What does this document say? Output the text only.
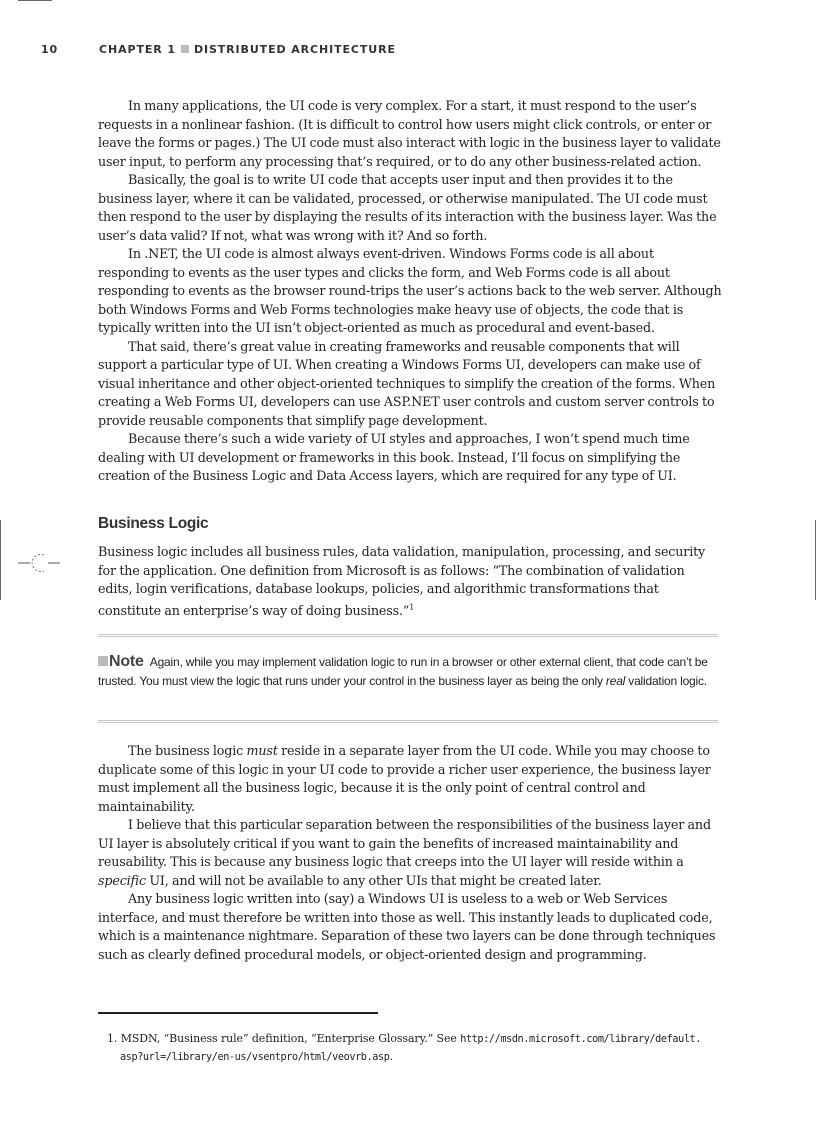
10	CHAPTER 1 DISTRIBUTED ARCHITECTURE

In many applications, the UI code is very complex. For a start, it must respond to the user’s requests in a nonlinear fashion. (It is difficult to control how users might click controls, or enter or leave the forms or pages.) The UI code must also interact with logic in the business layer to validate user input, to perform any processing that’s required, or to do any other business-related action.

Basically, the goal is to write UI code that accepts user input and then provides it to the business layer, where it can be validated, processed, or otherwise manipulated. The UI code must then respond to the user by displaying the results of its interaction with the business layer. Was the user’s data valid? If not, what was wrong with it? And so forth.

In .NET, the UI code is almost always event-driven. Windows Forms code is all about responding to events as the user types and clicks the form, and Web Forms code is all about responding to events as the browser round-trips the user’s actions back to the web server. Although both Windows Forms and Web Forms technologies make heavy use of objects, the code that is typically written into the UI isn’t object-oriented as much as procedural and event-based.

That said, there’s great value in creating frameworks and reusable components that will support a particular type of UI. When creating a Windows Forms UI, developers can make use of visual inheritance and other object-oriented techniques to simplify the creation of the forms. When creating a Web Forms UI, developers can use ASP.NET user controls and custom server controls to provide reusable components that simplify page development.

Because there’s such a wide variety of UI styles and approaches, I won’t spend much time dealing with UI development or frameworks in this book. Instead, I’ll focus on simplifying the creation of the Business Logic and Data Access layers, which are required for any type of UI.

Business Logic

Business logic includes all business rules, data validation, manipulation, processing, and security for the application. One definition from Microsoft is as follows: “The combination of validation edits, login verifications, database lookups, policies, and algorithmic transformations that constitute an enterprise’s way of doing business.”$^1$

Note Again, while you may implement validation logic to run in a browser or other external client, that code can’t be trusted. You must view the logic that runs under your control in the business layer as being the only real validation logic.

The business logic must reside in a separate layer from the UI code. While you may choose to duplicate some of this logic in your UI code to provide a richer user experience, the business layer must implement all the business logic, because it is the only point of central control and maintainability.

I believe that this particular separation between the responsibilities of the business layer and UI layer is absolutely critical if you want to gain the benefits of increased maintainability and reusability. This is because any business logic that creeps into the UI layer will reside within a specific UI, and will not be available to any other UIs that might be created later.

Any business logic written into (say) a Windows UI is useless to a web or Web Services interface, and must therefore be written into those as well. This instantly leads to duplicated code, which is a maintenance nightmare. Separation of these two layers can be done through techniques such as clearly defined procedural models, or object-oriented design and programming.

1. MSDN, “Business rule” definition, “Enterprise Glossary.” See http://msdn.microsoft.com/library/default.
asp?url=/library/en-us/vsentpro/html/veovrb.asp.
